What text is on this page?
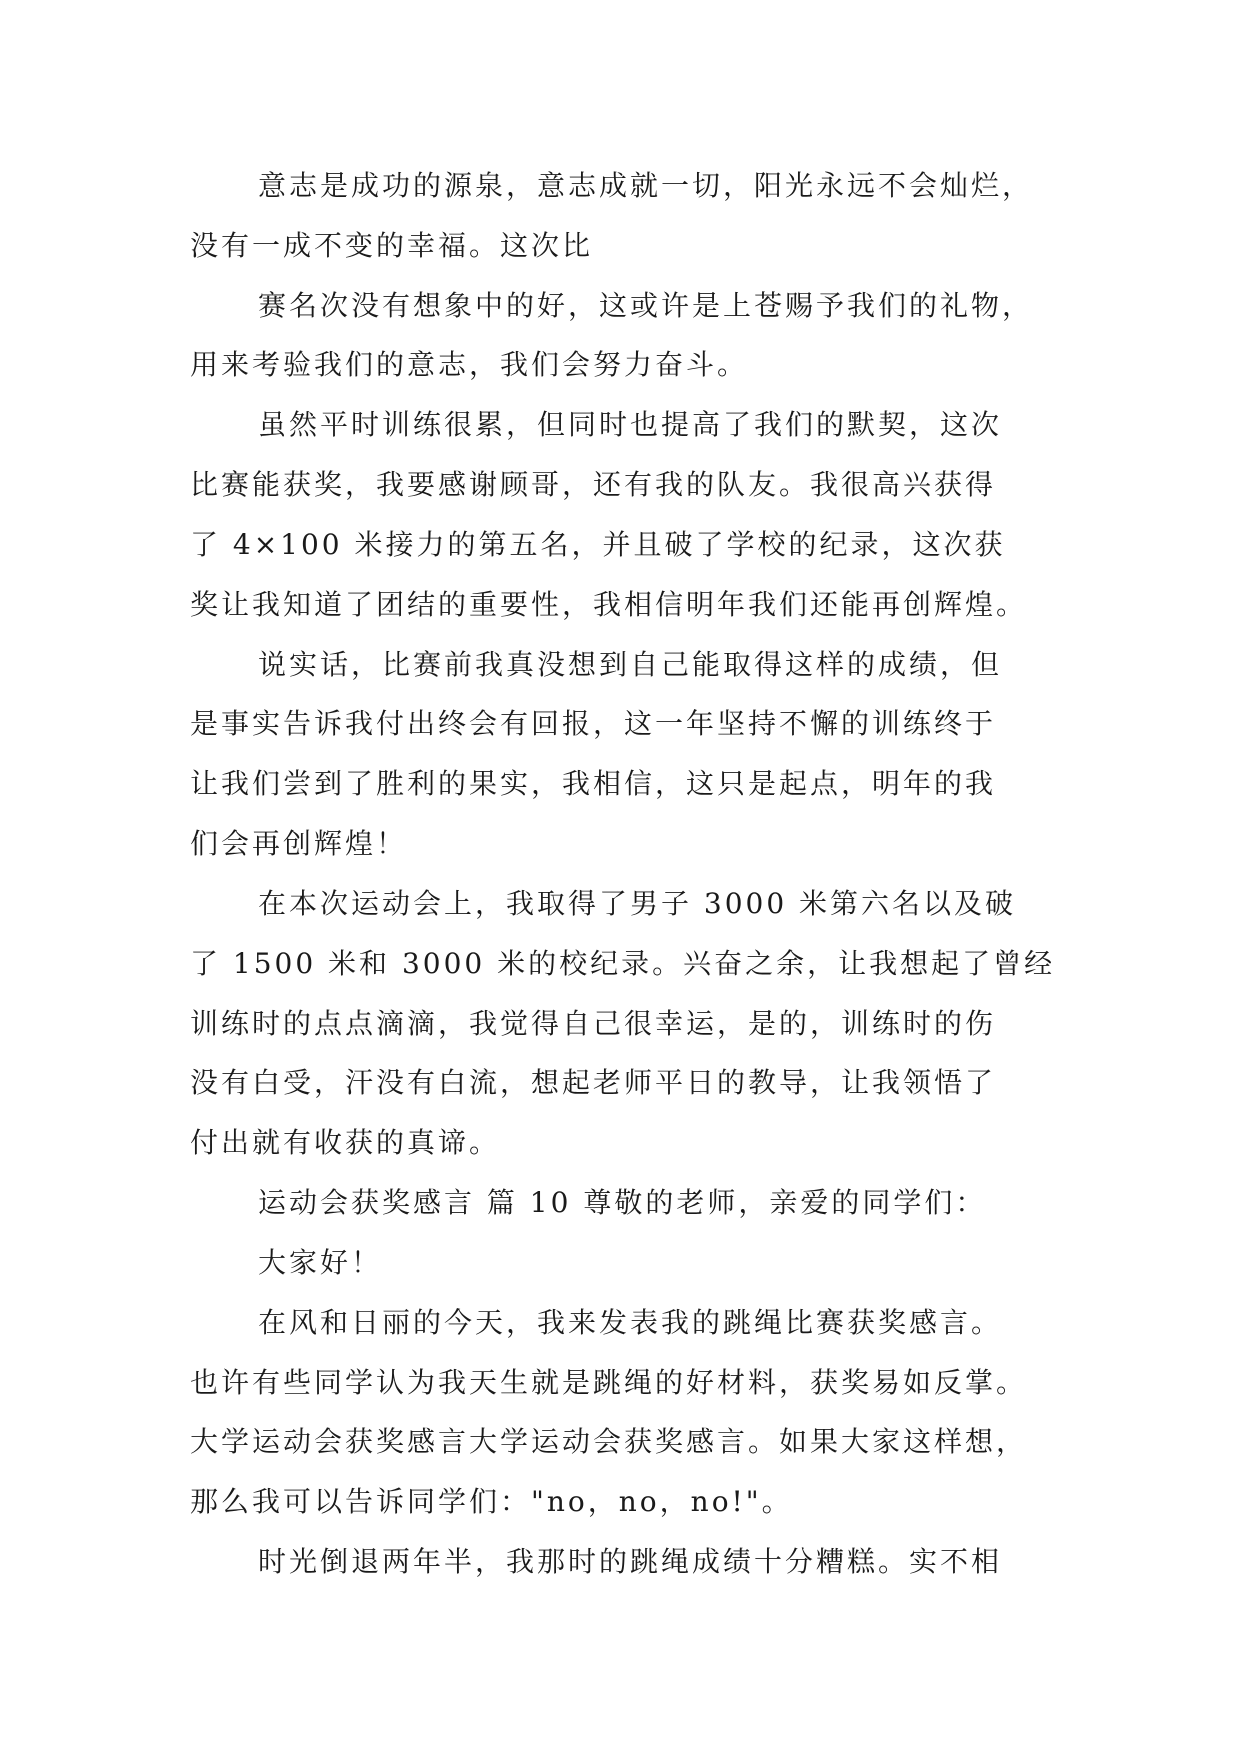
意志是成功的源泉，意志成就一切，阳光永远不会灿烂，
没有一成不变的幸福。这次比
赛名次没有想象中的好，这或许是上苍赐予我们的礼物，
用来考验我们的意志，我们会努力奋斗。
虽然平时训练很累，但同时也提高了我们的默契，这次
比赛能获奖，我要感谢顾哥，还有我的队友。我很高兴获得
了 4×100 米接力的第五名，并且破了学校的纪录，这次获
奖让我知道了团结的重要性，我相信明年我们还能再创辉煌。
说实话，比赛前我真没想到自己能取得这样的成绩，但
是事实告诉我付出终会有回报，这一年坚持不懈的训练终于
让我们尝到了胜利的果实，我相信，这只是起点，明年的我
们会再创辉煌！
在本次运动会上，我取得了男子 3000 米第六名以及破
了 1500 米和 3000 米的校纪录。兴奋之余，让我想起了曾经
训练时的点点滴滴，我觉得自己很幸运，是的，训练时的伤
没有白受，汗没有白流，想起老师平日的教导，让我领悟了
付出就有收获的真谛。
运动会获奖感言 篇 10 尊敬的老师，亲爱的同学们：
大家好！
在风和日丽的今天，我来发表我的跳绳比赛获奖感言。
也许有些同学认为我天生就是跳绳的好材料，获奖易如反掌。
大学运动会获奖感言大学运动会获奖感言。如果大家这样想，
那么我可以告诉同学们："no，no，no!"。
时光倒退两年半，我那时的跳绳成绩十分糟糕。实不相
